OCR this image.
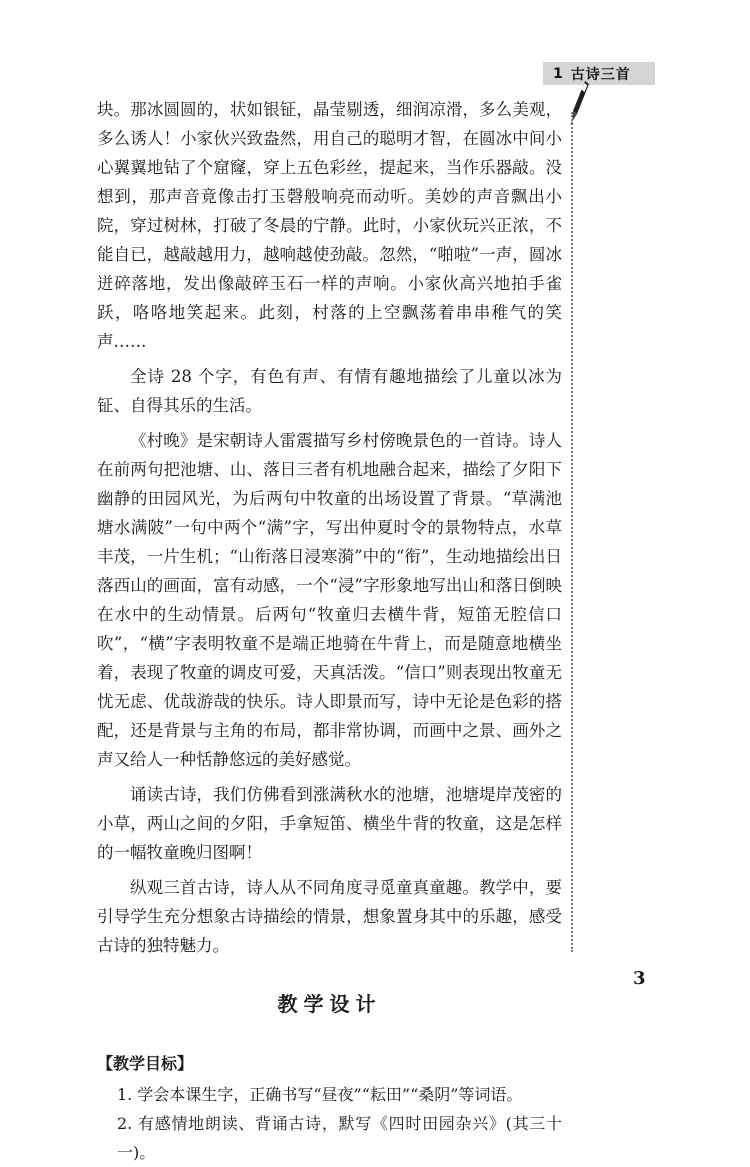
1 古诗三首

块。那冰圆圆的，状如银钲，晶莹剔透，细润凉滑，多么美观，多么诱人！小家伙兴致盎然，用自己的聪明才智，在圆冰中间小心翼翼地钻了个窟窿，穿上五色彩丝，提起来，当作乐器敲。没想到，那声音竟像击打玉磬般响亮而动听。美妙的声音飘出小院，穿过树林，打破了冬晨的宁静。此时，小家伙玩兴正浓，不能自已，越敲越用力，越响越使劲敲。忽然，“啪啦”一声，圆冰迸碎落地，发出像敲碎玉石一样的声响。小家伙高兴地拍手雀跃，咯咯地笑起来。此刻，村落的上空飘荡着串串稚气的笑声……

全诗 28 个字，有色有声、有情有趣地描绘了儿童以冰为钲、自得其乐的生活。

《村晚》是宋朝诗人雷震描写乡村傍晚景色的一首诗。诗人在前两句把池塘、山、落日三者有机地融合起来，描绘了夕阳下幽静的田园风光，为后两句中牧童的出场设置了背景。“草满池塘水满陂”一句中两个“满”字，写出仲夏时令的景物特点，水草丰茂，一片生机；“山衔落日浸寒漪”中的“衔”，生动地描绘出日落西山的画面，富有动感，一个“浸”字形象地写出山和落日倒映在水中的生动情景。后两句“牧童归去横牛背，短笛无腔信口吹”，“横”字表明牧童不是端正地骑在牛背上，而是随意地横坐着，表现了牧童的调皮可爱，天真活泼。“信口”则表现出牧童无忧无虑、优哉游哉的快乐。诗人即景而写，诗中无论是色彩的搭配，还是背景与主角的布局，都非常协调，而画中之景、画外之声又给人一种恬静悠远的美好感觉。

诵读古诗，我们仿佛看到涨满秋水的池塘，池塘堤岸茂密的小草，两山之间的夕阳，手拿短笛、横坐牛背的牧童，这是怎样的一幅牧童晚归图啊！

纵观三首古诗，诗人从不同角度寻觅童真童趣。教学中，要引导学生充分想象古诗描绘的情景，想象置身其中的乐趣，感受古诗的独特魅力。

教学设计
【教学目标】
1. 学会本课生字，正确书写“昼夜”“耘田”“桑阴”等词语。
2. 有感情地朗读、背诵古诗，默写《四时田园杂兴》(其三十一)。
3
